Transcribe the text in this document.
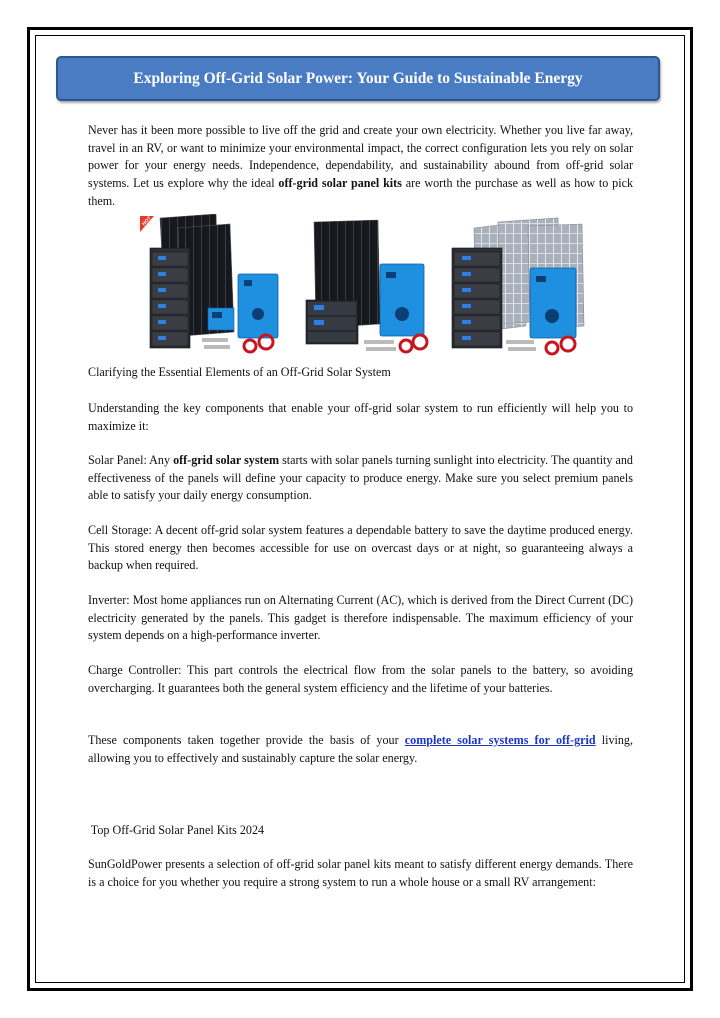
Exploring Off-Grid Solar Power: Your Guide to Sustainable Energy

Never has it been more possible to live off the grid and create your own electricity. Whether you live far away, travel in an RV, or want to minimize your environmental impact, the correct configuration lets you rely on solar power for your energy needs. Independence, dependability, and sustainability abound from off-grid solar systems. Let us explore why the ideal off-grid solar panel kits are worth the purchase as well as how to pick them.

HOT

Clarifying the Essential Elements of an Off-Grid Solar System

Understanding the key components that enable your off-grid solar system to run efficiently will help you to maximize it:

Solar Panel: Any off-grid solar system starts with solar panels turning sunlight into electricity. The quantity and effectiveness of the panels will define your capacity to produce energy. Make sure you select premium panels able to satisfy your daily energy consumption.

Cell Storage: A decent off-grid solar system features a dependable battery to save the daytime produced energy. This stored energy then becomes accessible for use on overcast days or at night, so guaranteeing always a backup when required.

Inverter: Most home appliances run on Alternating Current (AC), which is derived from the Direct Current (DC) electricity generated by the panels. This gadget is therefore indispensable. The maximum efficiency of your system depends on a high-performance inverter.

Charge Controller: This part controls the electrical flow from the solar panels to the battery, so avoiding overcharging. It guarantees both the general system efficiency and the lifetime of your batteries.

These components taken together provide the basis of your complete solar systems for off-grid living, allowing you to effectively and sustainably capture the solar energy.

Top Off-Grid Solar Panel Kits 2024

SunGoldPower presents a selection of off-grid solar panel kits meant to satisfy different energy demands. There is a choice for you whether you require a strong system to run a whole house or a small RV arrangement:
